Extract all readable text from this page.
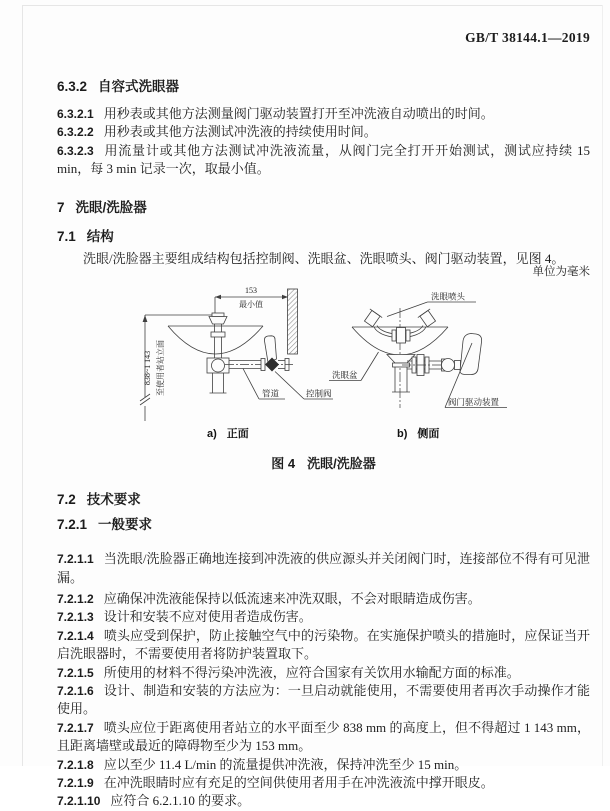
GB/T 38144.1—2019
6.3.2 自容式洗眼器

6.3.2.1 用秒表或其他方法测量阀门驱动装置打开至冲洗液自动喷出的时间。

6.3.2.2 用秒表或其他方法测试冲洗液的持续使用时间。

6.3.2.3 用流量计或其他方法测试冲洗液流量，从阀门完全打开开始测试，测试应持续 15 min，每 3 min 记录一次，取最小值。

7 洗眼/洗脸器
7.1 结构

洗眼/洗脸器主要组成结构包括控制阀、洗眼盆、洗眼喷头、阀门驱动装置，见图 4。

单位为毫米

838~1 143 至使用者站立面
153
最小值
管道	控制阀
a) 正面
洗眼喷头
洗眼盆
阀门驱动装置
b) 侧面
图 4 洗眼/洗脸器
7.2 技术要求
7.2.1 一般要求

7.2.1.1 当洗眼/洗脸器正确地连接到冲洗液的供应源头并关闭阀门时，连接部位不得有可见泄漏。

7.2.1.2 应确保冲洗液能保持以低流速来冲洗双眼，不会对眼睛造成伤害。

7.2.1.3 设计和安装不应对使用者造成伤害。

7.2.1.4 喷头应受到保护，防止接触空气中的污染物。在实施保护喷头的措施时，应保证当开启洗眼器时，不需要使用者将防护装置取下。

7.2.1.5 所使用的材料不得污染冲洗液，应符合国家有关饮用水输配方面的标准。

7.2.1.6 设计、制造和安装的方法应为：一旦启动就能使用，不需要使用者再次手动操作才能使用。

7.2.1.7 喷头应位于距离使用者站立的水平面至少 838 mm 的高度上，但不得超过 1 143 mm，且距离墙壁或最近的障碍物至少为 153 mm。

7.2.1.8 应以至少 11.4 L/min 的流量提供冲洗液，保持冲洗至少 15 min。

7.2.1.9 在冲洗眼睛时应有充足的空间供使用者用手在冲洗液流中撑开眼皮。

7.2.1.10 应符合 6.2.1.10 的要求。
